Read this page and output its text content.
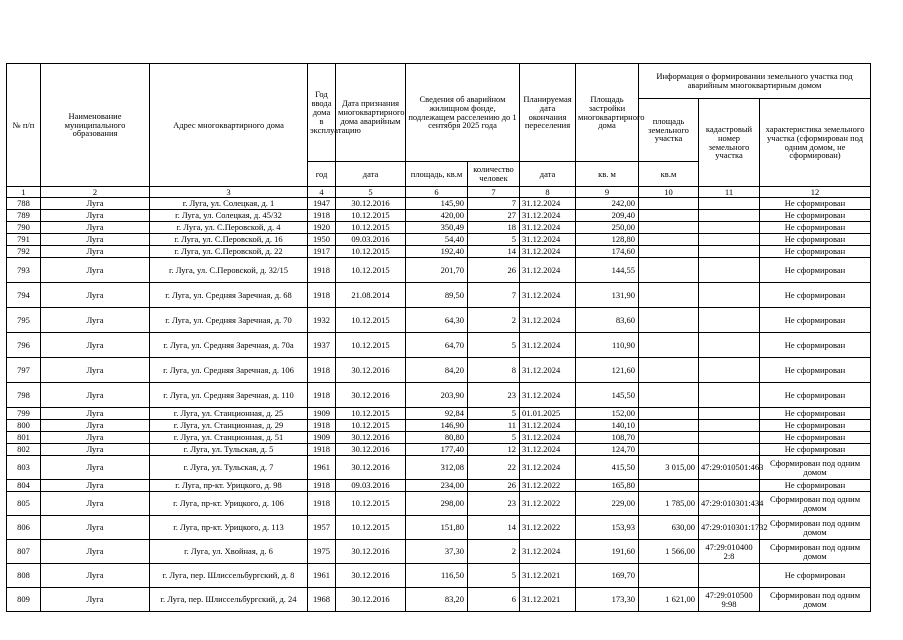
№ п/п	Наименование муниципального образования	Адрес многоквартирного дома	Год ввода дома в эксплуатацию	Дата признания многоквартирного дома аварийным	Сведения об аварийном жилищном фонде, подлежащем расселению до 1 сентября 2025 года		Планируемая дата окончания переселения	Площадь застройки многоквартирного дома	Информация о формировании земельного участка под аварийным многоквартирным домом		
									площадь земельного участка	кадастровый номер земельного участка	характеристика земельного участка (сформирован под одним домом, не сформирован)
			год	дата	площадь, кв.м	количество человек	дата	кв. м	кв.м		
1	2	3	4	5	6	7	8	9	10	11	12
788	Луга	г. Луга, ул. Солецкая, д. 1	1947	30.12.2016	145,90	7	31.12.2024	242,00			Не сформирован
789	Луга	г. Луга, ул. Солецкая, д. 45/32	1918	10.12.2015	420,00	27	31.12.2024	209,40			Не сформирован
790	Луга	г. Луга, ул. С.Перовской, д. 4	1920	10.12.2015	350,49	18	31.12.2024	250,00			Не сформирован
791	Луга	г. Луга, ул. С.Перовской, д. 16	1950	09.03.2016	54,40	5	31.12.2024	128,80			Не сформирован
792	Луга	г. Луга, ул. С.Перовской, д. 22	1917	10.12.2015	192,40	14	31.12.2024	174,60			Не сформирован
793	Луга	г. Луга, ул. С.Перовской, д. 32/15	1918	10.12.2015	201,70	26	31.12.2024	144,55			Не сформирован
794	Луга	г. Луга, ул. Средняя Заречная, д. 68	1918	21.08.2014	89,50	7	31.12.2024	131,90			Не сформирован
795	Луга	г. Луга, ул. Средняя Заречная, д. 70	1932	10.12.2015	64,30	2	31.12.2024	83,60			Не сформирован
796	Луга	г. Луга, ул. Средняя Заречная, д. 70а	1937	10.12.2015	64,70	5	31.12.2024	110,90			Не сформирован
797	Луга	г. Луга, ул. Средняя Заречная, д. 106	1918	30.12.2016	84,20	8	31.12.2024	121,60			Не сформирован
798	Луга	г. Луга, ул. Средняя Заречная, д. 110	1918	30.12.2016	203,90	23	31.12.2024	145,50			Не сформирован
799	Луга	г. Луга, ул. Станционная, д. 25	1909	10.12.2015	92,84	5	01.01.2025	152,00			Не сформирован
800	Луга	г. Луга, ул. Станционная, д. 29	1918	10.12.2015	146,90	11	31.12.2024	140,10			Не сформирован
801	Луга	г. Луга, ул. Станционная, д. 51	1909	30.12.2016	80,80	5	31.12.2024	108,70			Не сформирован
802	Луга	г. Луга, ул. Тульская, д. 5	1918	30.12.2016	177,40	12	31.12.2024	124,70			Не сформирован
803	Луга	г. Луга, ул. Тульская, д. 7	1961	30.12.2016	312,08	22	31.12.2024	415,50	3 015,00	47:29:010501:463	Сформирован под одним домом
804	Луга	г. Луга, пр-кт. Урицкого, д. 98	1918	09.03.2016	234,00	26	31.12.2022	165,80			Не сформирован
805	Луга	г. Луга, пр-кт. Урицкого, д. 106	1918	10.12.2015	298,00	23	31.12.2022	229,00	1 785,00	47:29:010301:434	Сформирован под одним домом
806	Луга	г. Луга, пр-кт. Урицкого, д. 113	1957	10.12.2015	151,80	14	31.12.2022	153,93	630,00	47:29:010301:1732	Сформирован под одним домом
807	Луга	г. Луга, ул. Хвойная, д. 6	1975	30.12.2016	37,30	2	31.12.2024	191,60	1 566,00	47:29:010400 2:8	Сформирован под одним домом
808	Луга	г. Луга, пер. Шлиссельбургский, д. 8	1961	30.12.2016	116,50	5	31.12.2021	169,70			Не сформирован
809	Луга	г. Луга, пер. Шлиссельбургский, д. 24	1968	30.12.2016	83,20	6	31.12.2021	173,30	1 621,00	47:29:010500 9:98	Сформирован под одним домом
